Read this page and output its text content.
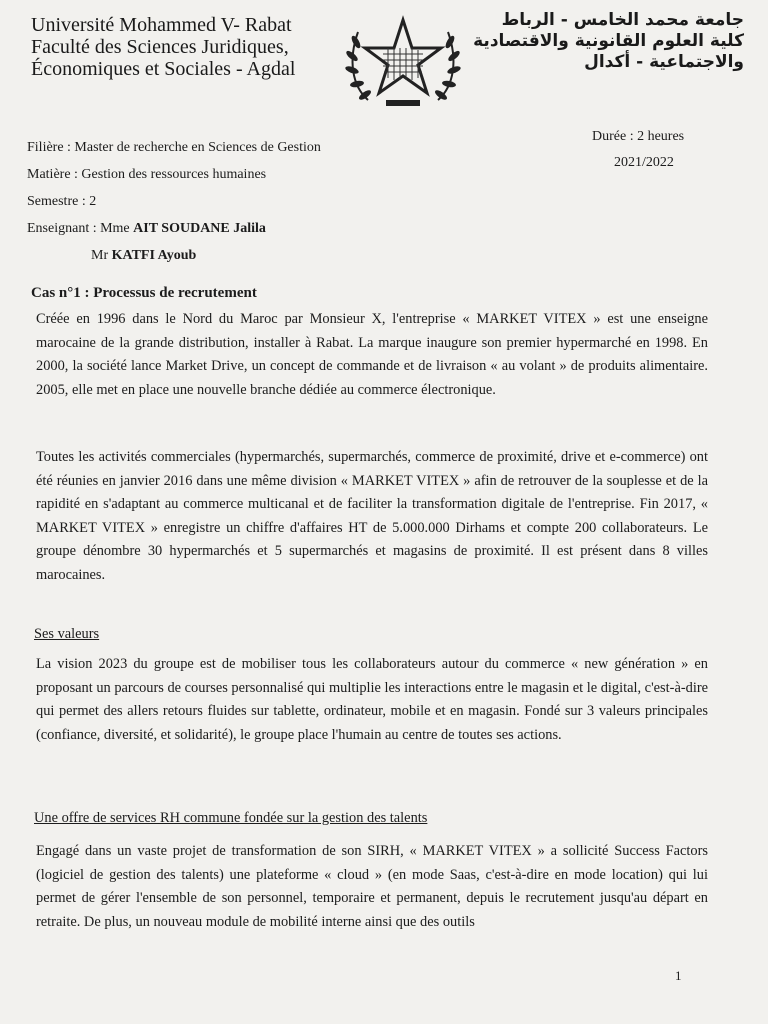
Université Mohammed V- Rabat
Faculté des Sciences Juridiques,
Économiques et Sociales - Agdal
جامعة محمد الخامس - الرباط
كلية العلوم القانونية والاقتصادية
والاجتماعية - أكدال
Filière : Master de recherche en Sciences de Gestion
Matière : Gestion des ressources humaines
Semestre : 2
Enseignant : Mme AIT SOUDANE Jalila
Mr KATFI Ayoub
Durée : 2 heures
2021/2022
Cas n°1 : Processus de recrutement
Créée en 1996 dans le Nord du Maroc par Monsieur X, l'entreprise « MARKET VITEX » est une enseigne marocaine de la grande distribution, installer à Rabat. La marque inaugure son premier hypermarché en 1998. En 2000, la société lance Market Drive, un concept de commande et de livraison « au volant » de produits alimentaire. 2005, elle met en place une nouvelle branche dédiée au commerce électronique.
Toutes les activités commerciales (hypermarchés, supermarchés, commerce de proximité, drive et e-commerce) ont été réunies en janvier 2016 dans une même division « MARKET VITEX » afin de retrouver de la souplesse et de la rapidité en s'adaptant au commerce multicanal et de faciliter la transformation digitale de l'entreprise. Fin 2017, « MARKET VITEX » enregistre un chiffre d'affaires HT de 5.000.000 Dirhams et compte 200 collaborateurs. Le groupe dénombre 30 hypermarchés et 5 supermarchés et magasins de proximité. Il est présent dans 8 villes marocaines.
Ses valeurs
La vision 2023 du groupe est de mobiliser tous les collaborateurs autour du commerce « new génération » en proposant un parcours de courses personnalisé qui multiplie les interactions entre le magasin et le digital, c'est-à-dire qui permet des allers retours fluides sur tablette, ordinateur, mobile et en magasin. Fondé sur 3 valeurs principales (confiance, diversité, et solidarité), le groupe place l'humain au centre de toutes ses actions.
Une offre de services RH commune fondée sur la gestion des talents
Engagé dans un vaste projet de transformation de son SIRH, « MARKET VITEX » a sollicité Success Factors (logiciel de gestion des talents) une plateforme « cloud » (en mode Saas, c'est-à-dire en mode location) qui lui permet de gérer l'ensemble de son personnel, temporaire et permanent, depuis le recrutement jusqu'au départ en retraite. De plus, un nouveau module de mobilité interne ainsi que des outils
1
